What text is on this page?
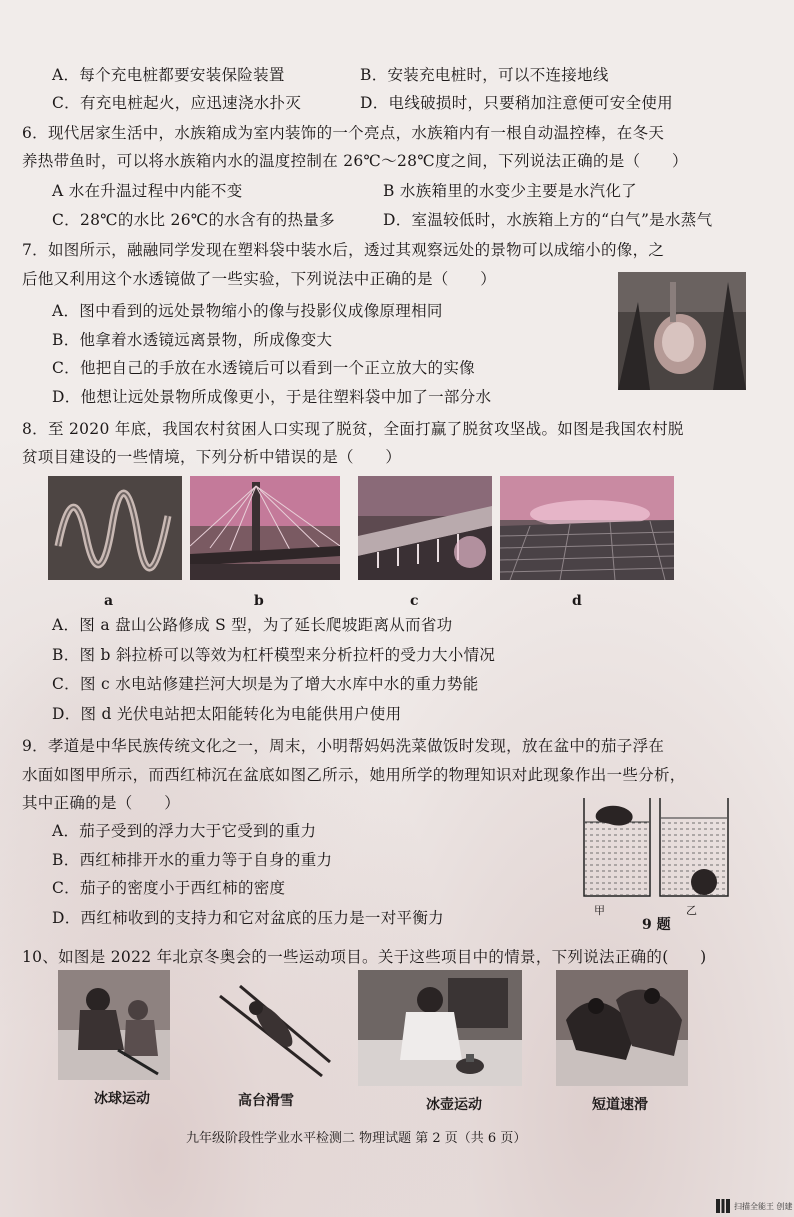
A．每个充电桩都要安装保险装置	B．安装充电桩时，可以不连接地线
C．有充电桩起火，应迅速浇水扑灭	D．电线破损时，只要稍加注意便可安全使用
6．现代居家生活中，水族箱成为室内装饰的一个亮点，水族箱内有一根自动温控棒，在冬天
养热带鱼时，可以将水族箱内水的温度控制在 26℃～28℃度之间，下列说法正确的是（　　）
A 水在升温过程中内能不变	B 水族箱里的水变少主要是水汽化了
C．28℃的水比 26℃的水含有的热量多	D．室温较低时，水族箱上方的“白气”是水蒸气
7．如图所示，融融同学发现在塑料袋中装水后，透过其观察远处的景物可以成缩小的像，之
后他又利用这个水透镜做了一些实验，下列说法中正确的是（　　）
A．图中看到的远处景物缩小的像与投影仪成像原理相同
B．他拿着水透镜远离景物，所成像变大
C．他把自己的手放在水透镜后可以看到一个正立放大的实像
D．他想让远处景物所成像更小，于是往塑料袋中加了一部分水
8．至 2020 年底，我国农村贫困人口实现了脱贫，全面打赢了脱贫攻坚战。如图是我国农村脱
贫项目建设的一些情境，下列分析中错误的是（　　）
a	b	c	d
A．图 a 盘山公路修成 S 型，为了延长爬坡距离从而省功
B．图 b 斜拉桥可以等效为杠杆模型来分析拉杆的受力大小情况
C．图 c 水电站修建拦河大坝是为了增大水库中水的重力势能
D．图 d 光伏电站把太阳能转化为电能供用户使用
9．孝道是中华民族传统文化之一，周末，小明帮妈妈洗菜做饭时发现，放在盆中的茄子浮在
水面如图甲所示，而西红柿沉在盆底如图乙所示，她用所学的物理知识对此现象作出一些分析，
其中正确的是（　　）
A．茄子受到的浮力大于它受到的重力
B．西红柿排开水的重力等于自身的重力
C．茄子的密度小于西红柿的密度
D．西红柿收到的支持力和它对盆底的压力是一对平衡力	甲	乙
9 题
10、如图是 2022 年北京冬奥会的一些运动项目。关于这些项目中的情景，下列说法正确的(　　)
冰球运动	高台滑雪	冰壶运动	短道速滑
九年级阶段性学业水平检测二 物理试题 第 2 页（共 6 页）
扫描全能王 创建
